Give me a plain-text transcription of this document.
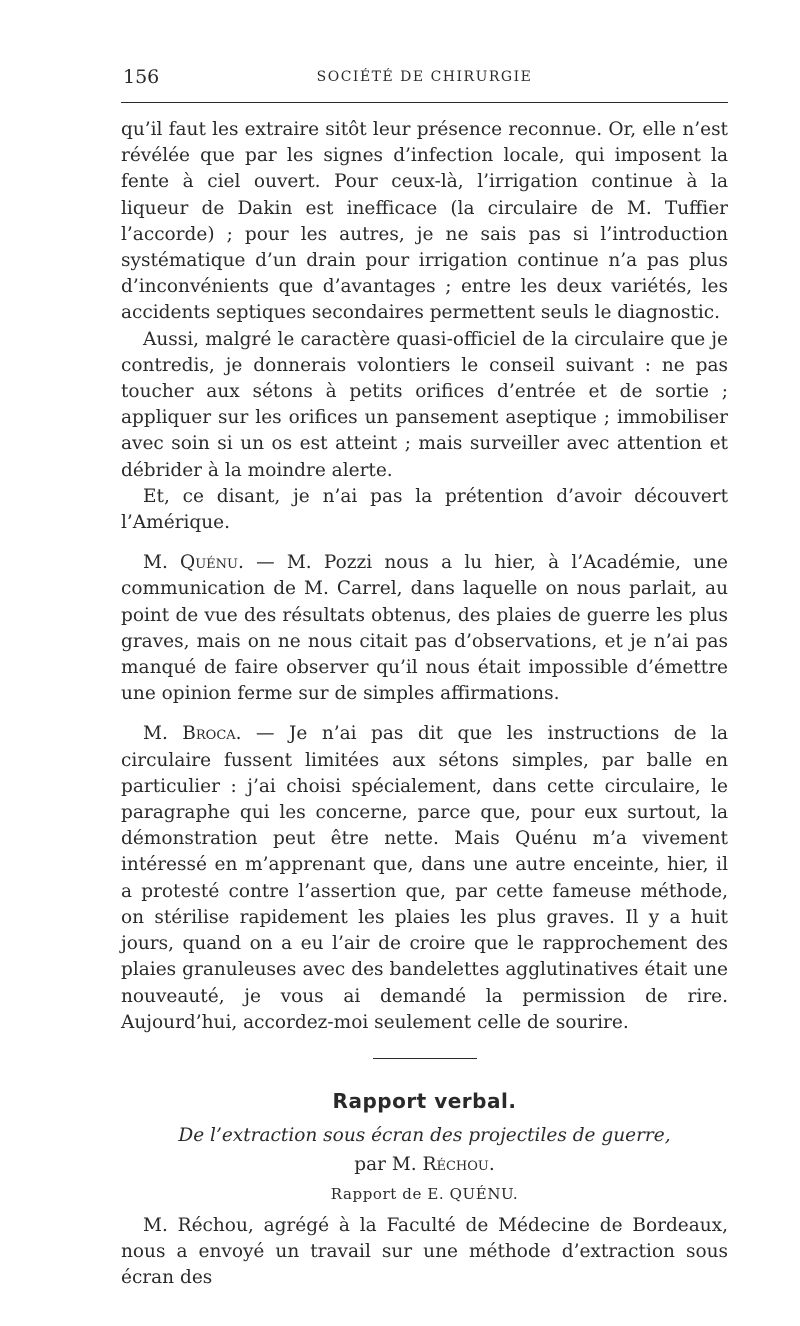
156	SOCIÉTÉ DE CHIRURGIE

qu’il faut les extraire sitôt leur présence reconnue. Or, elle n’est révélée que par les signes d’infection locale, qui imposent la fente à ciel ouvert. Pour ceux-là, l’irrigation continue à la liqueur de Dakin est inefficace (la circulaire de M. Tuffier l’accorde) ; pour les autres, je ne sais pas si l’introduction systématique d’un drain pour irrigation continue n’a pas plus d’inconvénients que d’avantages ; entre les deux variétés, les accidents septiques secondaires permettent seuls le diagnostic.

Aussi, malgré le caractère quasi-officiel de la circulaire que je contredis, je donnerais volontiers le conseil suivant : ne pas toucher aux sétons à petits orifices d’entrée et de sortie ; appliquer sur les orifices un pansement aseptique ; immobiliser avec soin si un os est atteint ; mais surveiller avec attention et débrider à la moindre alerte.

Et, ce disant, je n’ai pas la prétention d’avoir découvert l’Amérique.

M. Quénu. — M. Pozzi nous a lu hier, à l’Académie, une communication de M. Carrel, dans laquelle on nous parlait, au point de vue des résultats obtenus, des plaies de guerre les plus graves, mais on ne nous citait pas d’observations, et je n’ai pas manqué de faire observer qu’il nous était impossible d’émettre une opinion ferme sur de simples affirmations.

M. Broca. — Je n’ai pas dit que les instructions de la circulaire fussent limitées aux sétons simples, par balle en particulier : j’ai choisi spécialement, dans cette circulaire, le paragraphe qui les concerne, parce que, pour eux surtout, la démonstration peut être nette. Mais Quénu m’a vivement intéressé en m’apprenant que, dans une autre enceinte, hier, il a protesté contre l’assertion que, par cette fameuse méthode, on stérilise rapidement les plaies les plus graves. Il y a huit jours, quand on a eu l’air de croire que le rapprochement des plaies granuleuses avec des bandelettes agglutinatives était une nouveauté, je vous ai demandé la permission de rire. Aujourd’hui, accordez-moi seulement celle de sourire.

Rapport verbal.
De l’extraction sous écran des projectiles de guerre,
par M. Réchou.
Rapport de E. QUÉNU.

M. Réchou, agrégé à la Faculté de Médecine de Bordeaux, nous a envoyé un travail sur une méthode d’extraction sous écran des
